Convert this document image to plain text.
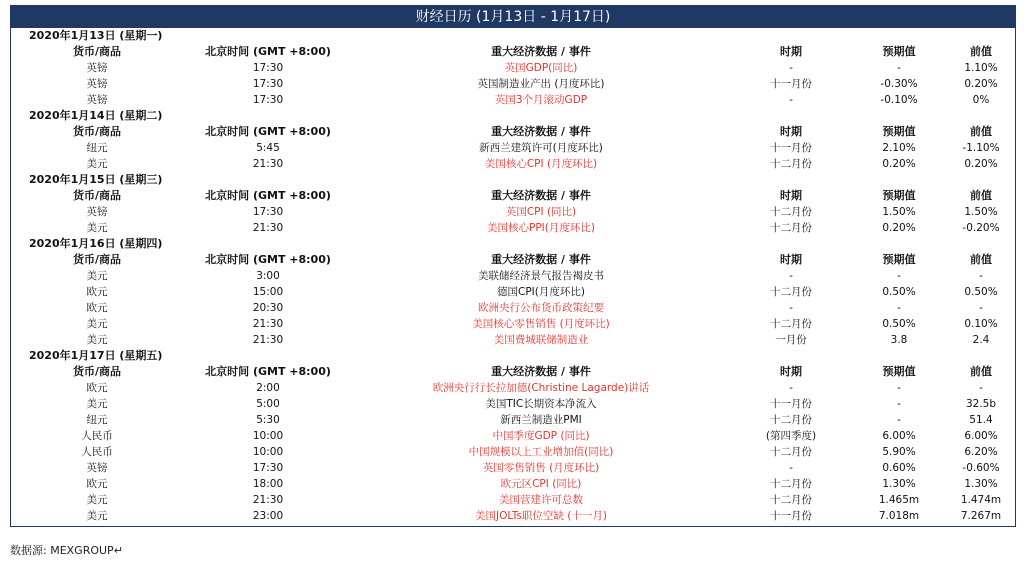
财经日历 (1月13日 - 1月17日)
2020年1月13日 (星期一)
货币/商品	北京时间 (GMT +8:00)	重大经济数据 / 事件	时期	预期值	前值
英镑	17:30	英国GDP(同比)	-	-	1.10%
英镑	17:30	英国制造业产出 (月度环比)	十一月份	-0.30%	0.20%
英镑	17:30	英国3个月滚动GDP	-	-0.10%	0%
2020年1月14日 (星期二)
货币/商品	北京时间 (GMT +8:00)	重大经济数据 / 事件	时期	预期值	前值
纽元	5:45	新西兰建筑许可(月度环比)	十一月份	2.10%	-1.10%
美元	21:30	美国核心CPI (月度环比)	十二月份	0.20%	0.20%
2020年1月15日 (星期三)
货币/商品	北京时间 (GMT +8:00)	重大经济数据 / 事件	时期	预期值	前值
英镑	17:30	英国CPI (同比)	十二月份	1.50%	1.50%
美元	21:30	美国核心PPI(月度环比)	十二月份	0.20%	-0.20%
2020年1月16日 (星期四)
货币/商品	北京时间 (GMT +8:00)	重大经济数据 / 事件	时期	预期值	前值
美元	3:00	美联储经济景气报告褐皮书	-	-	-
欧元	15:00	德国CPI(月度环比)	十二月份	0.50%	0.50%
欧元	20:30	欧洲央行公布货币政策纪要	-	-	-
美元	21:30	美国核心零售销售 (月度环比)	十二月份	0.50%	0.10%
美元	21:30	美国费城联储制造业	一月份	3.8	2.4
2020年1月17日 (星期五)
货币/商品	北京时间 (GMT +8:00)	重大经济数据 / 事件	时期	预期值	前值
欧元	2:00	欧洲央行行长拉加德(Christine Lagarde)讲话	-	-	-
美元	5:00	美国TIC长期资本净流入	十一月份	-	32.5b
纽元	5:30	新西兰制造业PMI	十二月份	-	51.4
人民币	10:00	中国季度GDP (同比)	(第四季度)	6.00%	6.00%
人民币	10:00	中国规模以上工业增加值(同比)	十二月份	5.90%	6.20%
英镑	17:30	英国零售销售 (月度环比)	-	0.60%	-0.60%
欧元	18:00	欧元区CPI (同比)	十二月份	1.30%	1.30%
美元	21:30	美国营建许可总数	十二月份	1.465m	1.474m
美元	23:00	美国JOLTs职位空缺 (十一月)	十一月份	7.018m	7.267m
数据源: MEXGROUP↵
